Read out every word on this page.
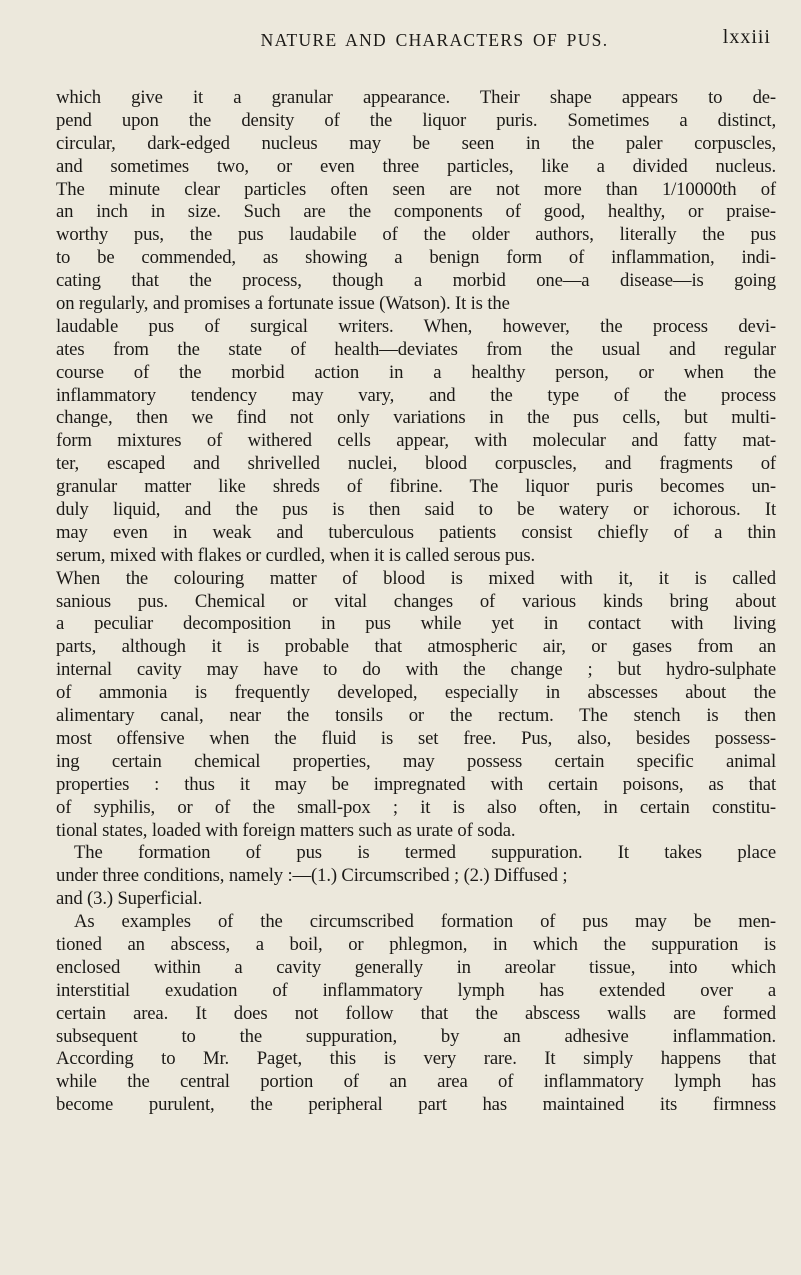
NATURE AND CHARACTERS OF PUS.	lxxiii
which give it a granular appearance. Their shape appears to de-
pend upon the density of the liquor puris. Sometimes a distinct,
circular, dark-edged nucleus may be seen in the paler corpuscles,
and sometimes two, or even three particles, like a divided nucleus.
The minute clear particles often seen are not more than 1/10000th of
an inch in size. Such are the components of good, healthy, or praise-
worthy pus, the pus laudabile of the older authors, literally the pus
to be commended, as showing a benign form of inflammation, indi-
cating that the process, though a morbid one—a disease—is going
on regularly, and promises a fortunate issue (Watson). It is the
laudable pus of surgical writers. When, however, the process devi-
ates from the state of health—deviates from the usual and regular
course of the morbid action in a healthy person, or when the
inflammatory tendency may vary, and the type of the process
change, then we find not only variations in the pus cells, but multi-
form mixtures of withered cells appear, with molecular and fatty mat-
ter, escaped and shrivelled nuclei, blood corpuscles, and fragments of
granular matter like shreds of fibrine. The liquor puris becomes un-
duly liquid, and the pus is then said to be watery or ichorous. It
may even in weak and tuberculous patients consist chiefly of a thin
serum, mixed with flakes or curdled, when it is called serous pus.
When the colouring matter of blood is mixed with it, it is called
sanious pus. Chemical or vital changes of various kinds bring about
a peculiar decomposition in pus while yet in contact with living
parts, although it is probable that atmospheric air, or gases from an
internal cavity may have to do with the change ; but hydro-sulphate
of ammonia is frequently developed, especially in abscesses about the
alimentary canal, near the tonsils or the rectum. The stench is then
most offensive when the fluid is set free. Pus, also, besides possess-
ing certain chemical properties, may possess certain specific animal
properties : thus it may be impregnated with certain poisons, as that
of syphilis, or of the small-pox ; it is also often, in certain constitu-
tional states, loaded with foreign matters such as urate of soda.
The formation of pus is termed suppuration. It takes place
under three conditions, namely :—(1.) Circumscribed ; (2.) Diffused ;
and (3.) Superficial.
As examples of the circumscribed formation of pus may be men-
tioned an abscess, a boil, or phlegmon, in which the suppuration is
enclosed within a cavity generally in areolar tissue, into which
interstitial exudation of inflammatory lymph has extended over a
certain area. It does not follow that the abscess walls are formed
subsequent to the suppuration, by an adhesive inflammation.
According to Mr. Paget, this is very rare. It simply happens that
while the central portion of an area of inflammatory lymph has
become purulent, the peripheral part has maintained its firmness
